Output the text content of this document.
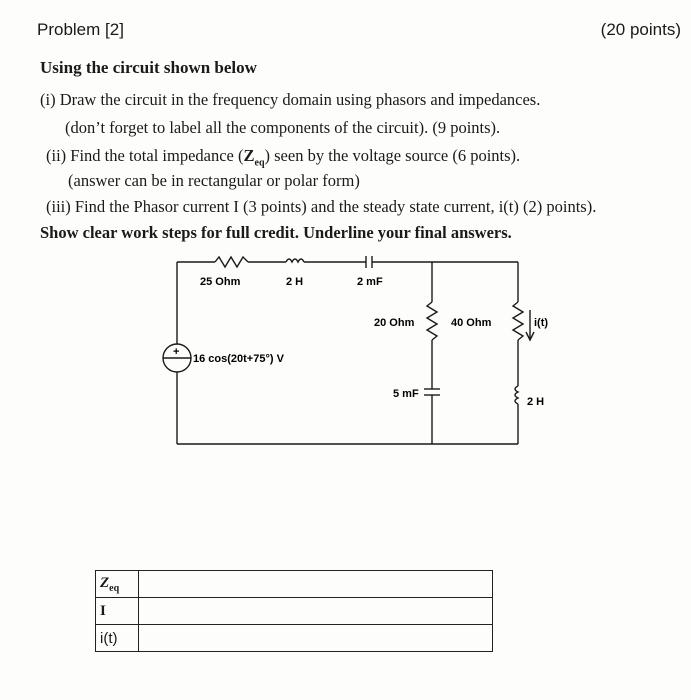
Problem [2]	(20 points)
Using the circuit shown below
(i) Draw the circuit in the frequency domain using phasors and impedances.
(don’t forget to label all the components of the circuit). (9 points).
(ii) Find the total impedance $(Z_{eq})$ seen by the voltage source (6 points).
(answer can be in rectangular or polar form)
(iii) Find the Phasor current I (3 points) and the steady state current, i(t) (2) points).
Show clear work steps for full credit. Underline your final answers.
25 Ohm	2 H	2 mF
20 Ohm	40 Ohm	i(t)
+
16 cos(20t+75°) V
5 mF
2 H
$Z_{eq}$	
I	
i(t)	
